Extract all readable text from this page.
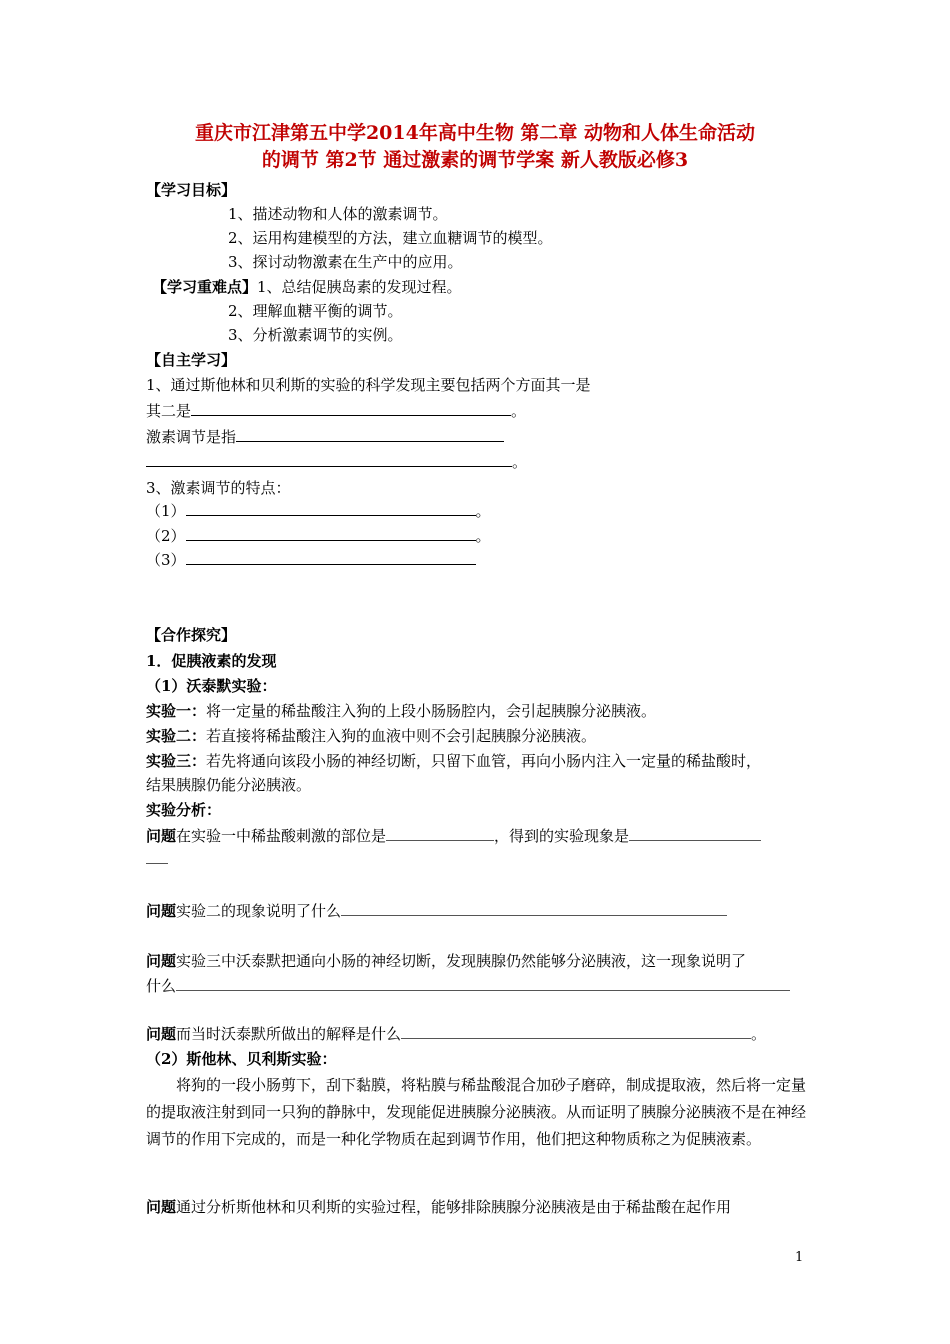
重庆市江津第五中学2014年高中生物 第二章 动物和人体生命活动
的调节 第2节 通过激素的调节学案 新人教版必修3
【学习目标】
1、描述动物和人体的激素调节。
2、运用构建模型的方法，建立血糖调节的模型。
3、探讨动物激素在生产中的应用。
【学习重难点】1、总结促胰岛素的发现过程。
2、理解血糖平衡的调节。
3、分析激素调节的实例。
【自主学习】
1、通过斯他林和贝利斯的实验的科学发现主要包括两个方面其一是
其二是	。
激素调节是指
。
3、激素调节的特点：
（1）	。
（2）	。
（3）
【合作探究】
1．促胰液素的发现
（1）沃泰默实验：
实验一：将一定量的稀盐酸注入狗的上段小肠肠腔内，会引起胰腺分泌胰液。
实验二：若直接将稀盐酸注入狗的血液中则不会引起胰腺分泌胰液。
实验三：若先将通向该段小肠的神经切断，只留下血管，再向小肠内注入一定量的稀盐酸时，
结果胰腺仍能分泌胰液。
实验分析：
问题在实验一中稀盐酸刺激的部位是	，得到的实验现象是
问题实验二的现象说明了什么
问题实验三中沃泰默把通向小肠的神经切断，发现胰腺仍然能够分泌胰液，这一现象说明了
什么
问题而当时沃泰默所做出的解释是什么	。
（2）斯他林、贝利斯实验：
将狗的一段小肠剪下，刮下黏膜，将粘膜与稀盐酸混合加砂子磨碎，制成提取液，然后将一定量的提取液注射到同一只狗的静脉中，发现能促进胰腺分泌胰液。从而证明了胰腺分泌胰液不是在神经调节的作用下完成的，而是一种化学物质在起到调节作用，他们把这种物质称之为促胰液素。
问题通过分析斯他林和贝利斯的实验过程，能够排除胰腺分泌胰液是由于稀盐酸在起作用
1
